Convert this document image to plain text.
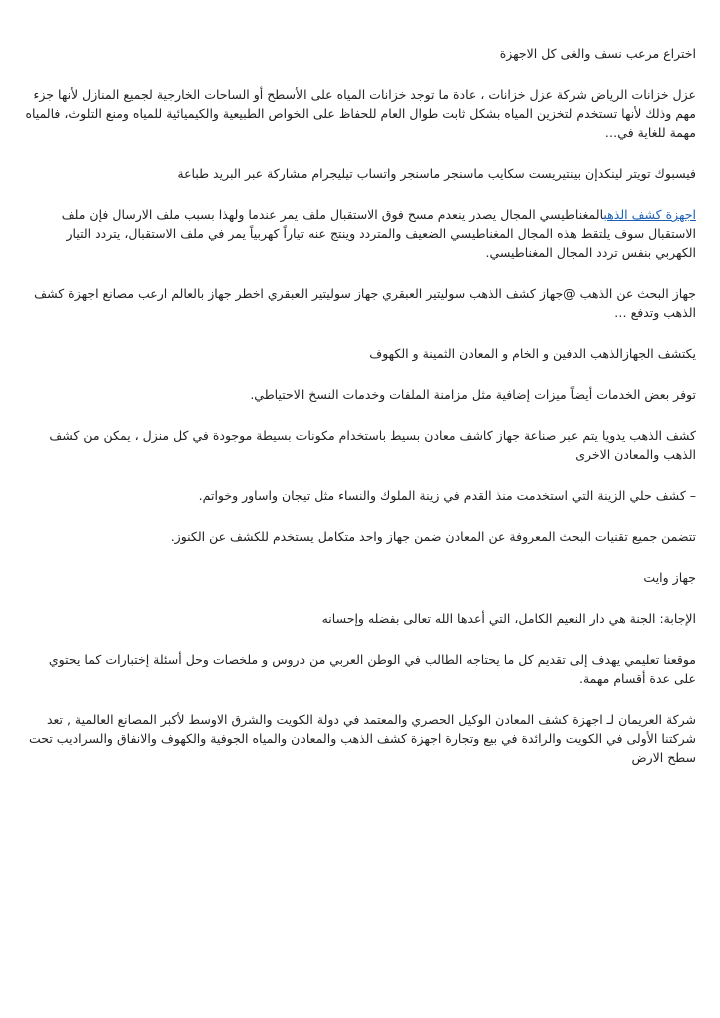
اختراع مرعب نسف والغى كل الاجهزة

عزل خزانات الرياض شركة عزل خزانات ، عادة ما توجد خزانات المياه على الأسطح أو الساحات الخارجية لجميع المنازل لأنها جزء مهم وذلك لأنها تستخدم لتخزين المياه بشكل ثابت طوال العام للحفاظ على الخواص الطبيعية والكيميائية للمياه ومنع التلوث، فالمياه مهمة للغاية في…

فيسبوك تويتر لينكدإن بينتيريست سكايب ماسنجر ماسنجر واتساب تيليجرام مشاركة عبر البريد طباعة

اجهزة كشف الذهبالمغناطيسي المجال يصدر ينعدم مسح فوق الاستقبال ملف يمر عندما ولهذا بسبب ملف الارسال فإن ملف الاستقبال سوف يلتقط هذه المجال المغناطيسي الضعيف والمتردد وينتج عنه تياراً كهربياً يمر في ملف الاستقبال، يتردد التيار الكهربي بنفس تردد المجال المغناطيسي.

جهاز البحث عن الذهب @جهاز كشف الذهب سوليتير العبقري جهاز سوليتير العبقري اخطر جهاز بالعالم ارعب مصانع اجهزة كشف الذهب وتدفع …

يكتشف الجهازالذهب الدفين و الخام و المعادن الثمينة و الكهوف

توفر بعض الخدمات أيضاً ميزات إضافية مثل مزامنة الملفات وخدمات النسخ الاحتياطي.

كشف الذهب يدويا يتم عبر صناعة جهاز كاشف معادن بسيط باستخدام مكونات بسيطة موجودة في كل منزل ، يمكن من كشف الذهب والمعادن الاخرى

– كشف حلي الزينة التي استخدمت منذ القدم في زينة الملوك والنساء مثل تيجان واساور وخواتم.

تتضمن جميع تقنيات البحث المعروفة عن المعادن ضمن جهاز واحد متكامل يستخدم للكشف عن الكنوز.

جهاز وايت

الإجابة: الجنة هي دار النعيم الكامل، التي أعدها الله تعالى بفضله وإحسانه

موقعنا تعليمي يهدف إلى تقديم كل ما يحتاجه الطالب في الوطن العربي من دروس و ملخصات وحل أسئلة إختبارات كما يحتوي على عدة أقسام مهمة.

شركة العريمان لـ اجهزة كشف المعادن الوكيل الحصري والمعتمد في دولة الكويت والشرق الاوسط لأكبر المصانع العالمية , تعد شركتنا الأولى في الكويت والرائدة في بيع وتجارة اجهزة كشف الذهب والمعادن والمياه الجوفية والكهوف والانفاق والسراديب تحت سطح الارض
